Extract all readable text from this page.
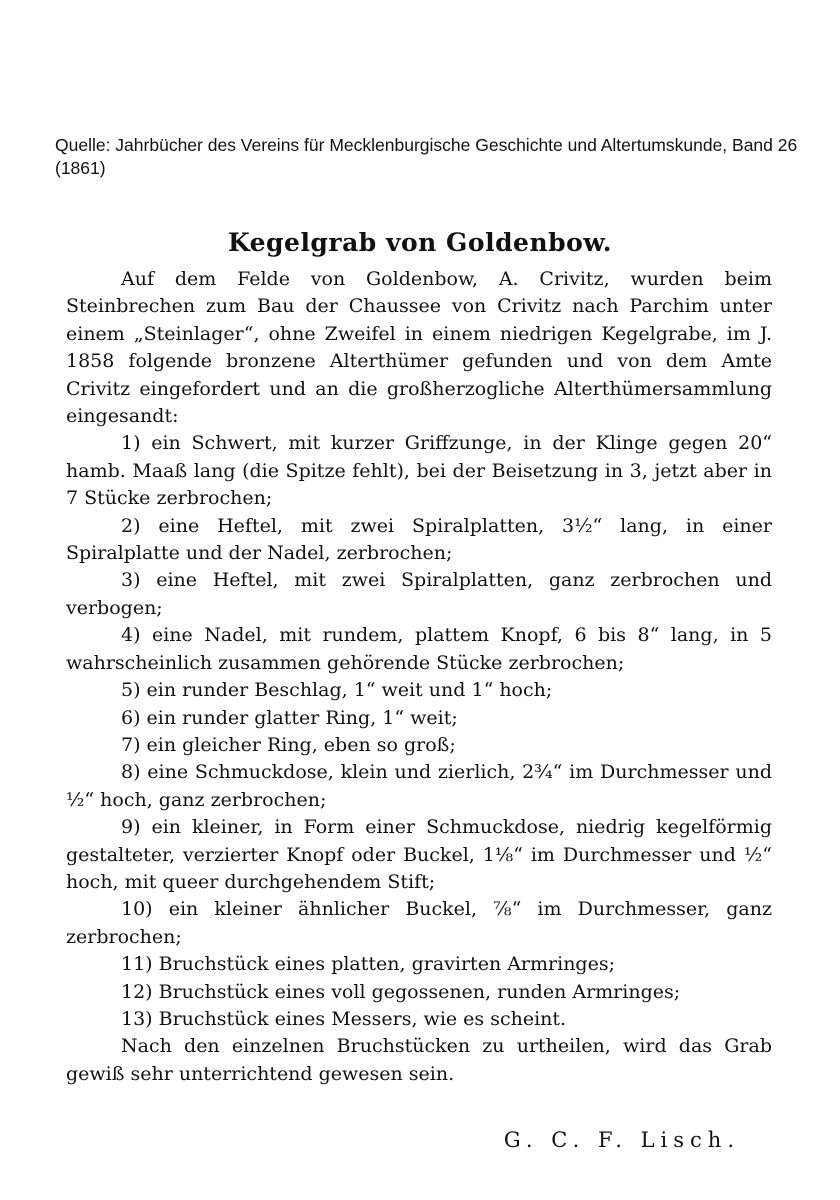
Quelle: Jahrbücher des Vereins für Mecklenburgische Geschichte und Altertumskunde, Band 26 (1861)

Kegelgrab von Goldenbow.

Auf dem Felde von Goldenbow, A. Crivitz, wurden beim Steinbrechen zum Bau der Chaussee von Crivitz nach Parchim unter einem „Steinlager“, ohne Zweifel in einem niedrigen Kegelgrabe, im J. 1858 folgende bronzene Alterthümer gefunden und von dem Amte Crivitz eingefordert und an die großherzogliche Alterthümersammlung eingesandt:

1) ein Schwert, mit kurzer Griffzunge, in der Klinge gegen 20“ hamb. Maaß lang (die Spitze fehlt), bei der Beisetzung in 3, jetzt aber in 7 Stücke zerbrochen;

2) eine Heftel, mit zwei Spiralplatten, 3½“ lang, in einer Spiralplatte und der Nadel, zerbrochen;

3) eine Heftel, mit zwei Spiralplatten, ganz zerbrochen und verbogen;

4) eine Nadel, mit rundem, plattem Knopf, 6 bis 8“ lang, in 5 wahrscheinlich zusammen gehörende Stücke zerbrochen;

5) ein runder Beschlag, 1“ weit und 1“ hoch;

6) ein runder glatter Ring, 1“ weit;

7) ein gleicher Ring, eben so groß;

8) eine Schmuckdose, klein und zierlich, 2¾“ im Durchmesser und ½“ hoch, ganz zerbrochen;

9) ein kleiner, in Form einer Schmuckdose, niedrig kegelförmig gestalteter, verzierter Knopf oder Buckel, 1⅛“ im Durchmesser und ½“ hoch, mit queer durchgehendem Stift;

10) ein kleiner ähnlicher Buckel, ⅞“ im Durchmesser, ganz zerbrochen;

11) Bruchstück eines platten, gravirten Armringes;

12) Bruchstück eines voll gegossenen, runden Armringes;

13) Bruchstück eines Messers, wie es scheint.

Nach den einzelnen Bruchstücken zu urtheilen, wird das Grab gewiß sehr unterrichtend gewesen sein.

G. C. F. Lisch.
